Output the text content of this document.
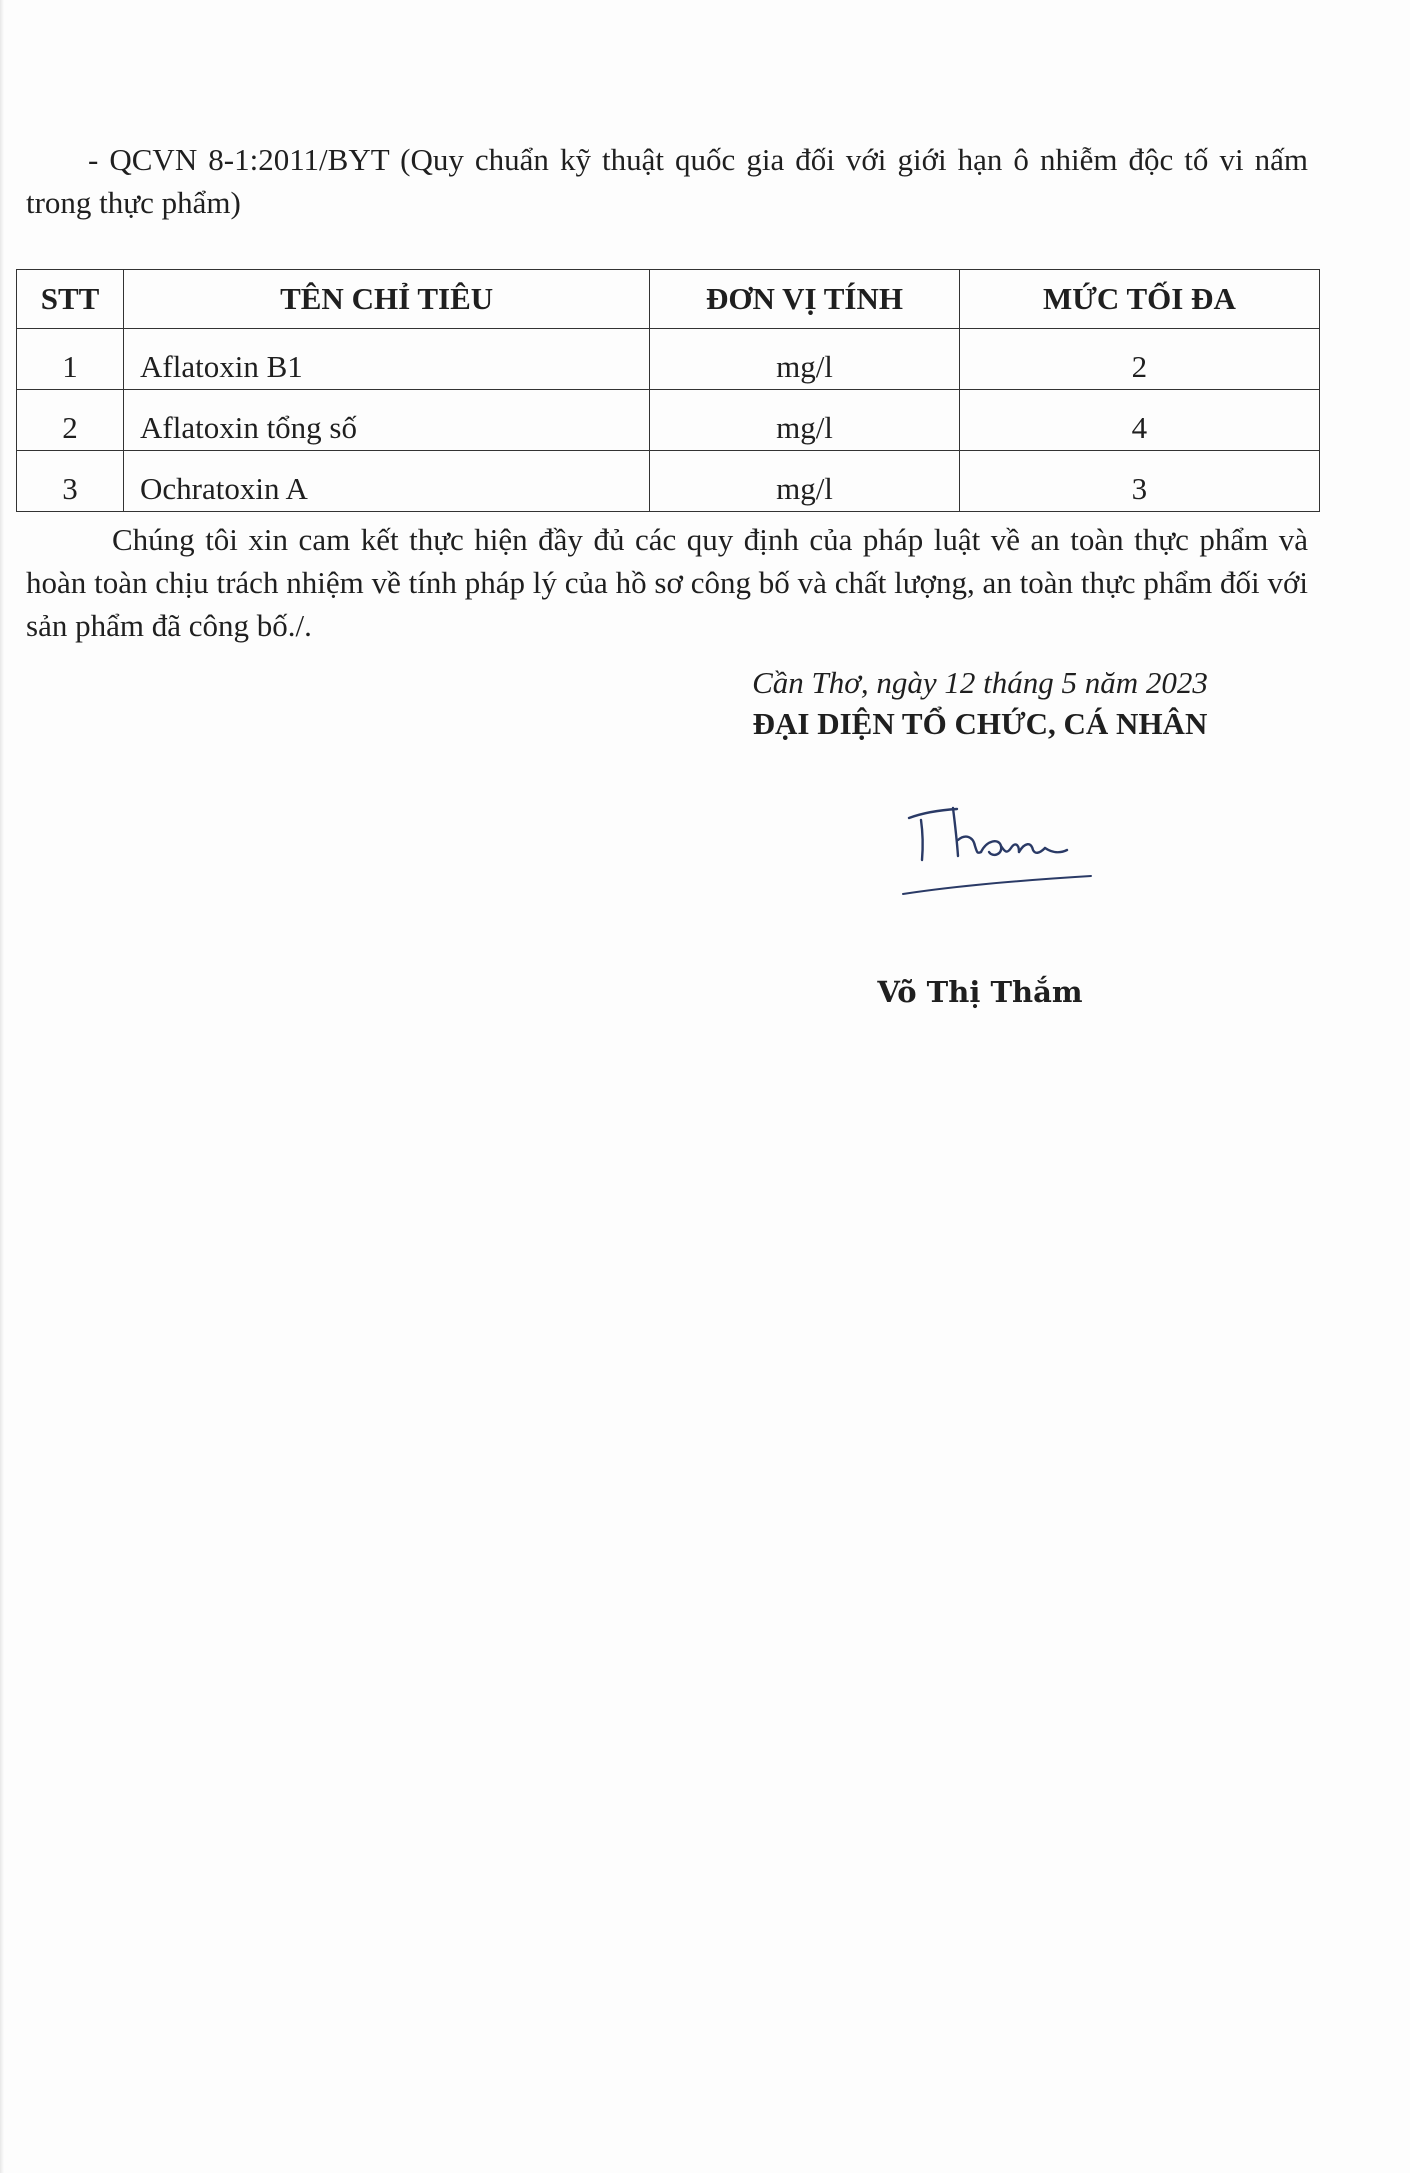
- QCVN 8-1:2011/BYT (Quy chuẩn kỹ thuật quốc gia đối với giới hạn ô nhiễm độc tố vi nấm trong thực phẩm)

STT	TÊN CHỈ TIÊU	ĐƠN VỊ TÍNH	MỨC TỐI ĐA
1	Aflatoxin B1	mg/l	2
2	Aflatoxin tổng số	mg/l	4
3	Ochratoxin A	mg/l	3

Chúng tôi xin cam kết thực hiện đầy đủ các quy định của pháp luật về an toàn thực phẩm và hoàn toàn chịu trách nhiệm về tính pháp lý của hồ sơ công bố và chất lượng, an toàn thực phẩm đối với sản phẩm đã công bố./.

Cần Thơ, ngày 12 tháng 5 năm 2023

ĐẠI DIỆN TỔ CHỨC, CÁ NHÂN

Võ Thị Thắm
